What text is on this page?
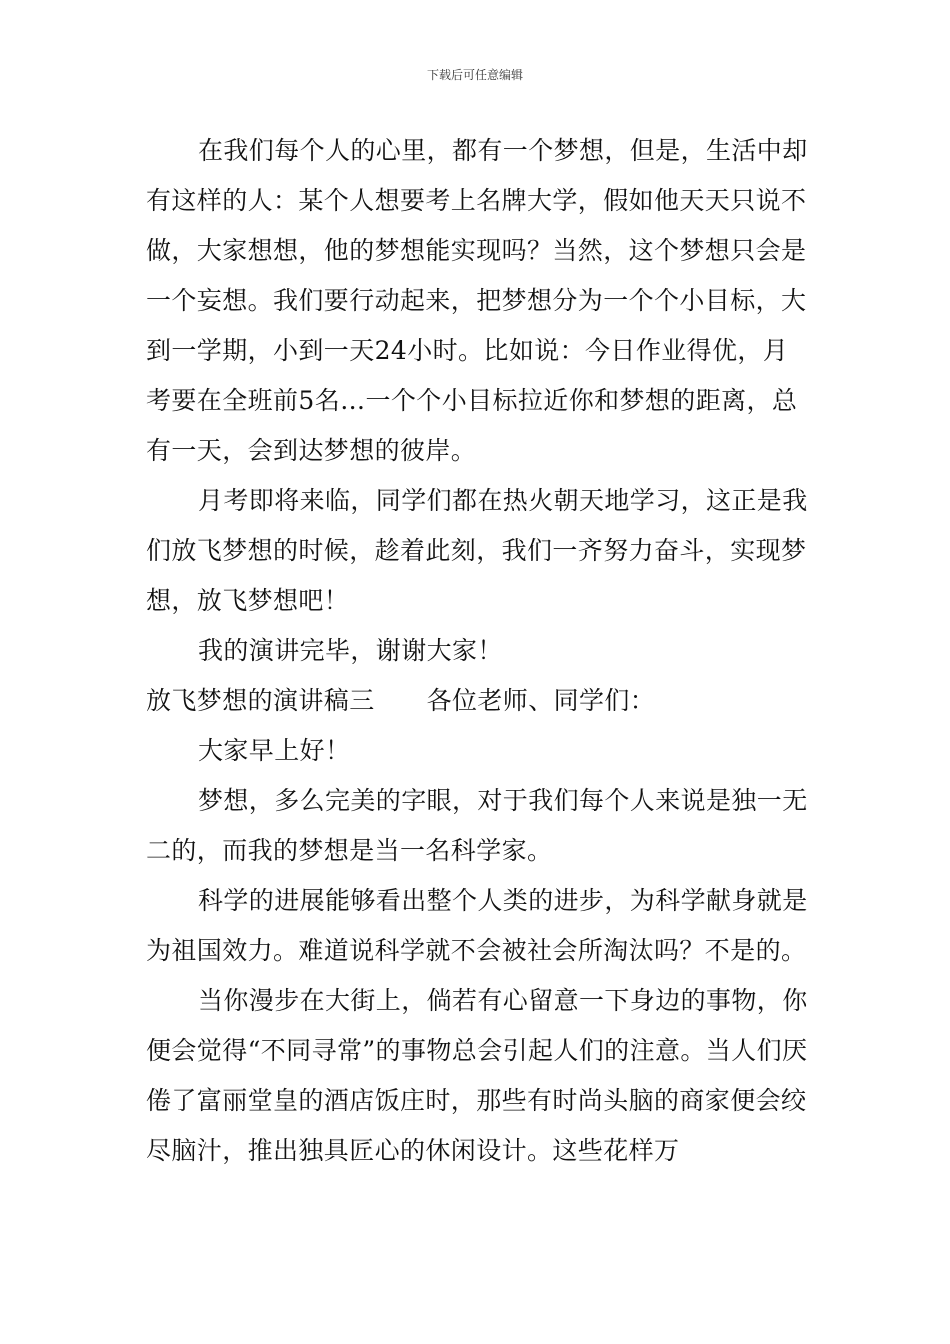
下载后可任意编辑

在我们每个人的心里，都有一个梦想，但是，生活中却有这样的人：某个人想要考上名牌大学，假如他天天只说不做，大家想想，他的梦想能实现吗？当然，这个梦想只会是一个妄想。我们要行动起来，把梦想分为一个个小目标，大到一学期，小到一天24小时。比如说：今日作业得优，月考要在全班前5名…一个个小目标拉近你和梦想的距离，总有一天，会到达梦想的彼岸。

月考即将来临，同学们都在热火朝天地学习，这正是我们放飞梦想的时候，趁着此刻，我们一齐努力奋斗，实现梦想，放飞梦想吧！

我的演讲完毕，谢谢大家！

放飞梦想的演讲稿三 各位老师、同学们：

大家早上好！

梦想，多么完美的字眼，对于我们每个人来说是独一无二的，而我的梦想是当一名科学家。

科学的进展能够看出整个人类的进步，为科学献身就是为祖国效力。难道说科学就不会被社会所淘汰吗？不是的。

当你漫步在大街上，倘若有心留意一下身边的事物，你便会觉得“不同寻常”的事物总会引起人们的注意。当人们厌倦了富丽堂皇的酒店饭庄时，那些有时尚头脑的商家便会绞尽脑汁，推出独具匠心的休闲设计。这些花样万
